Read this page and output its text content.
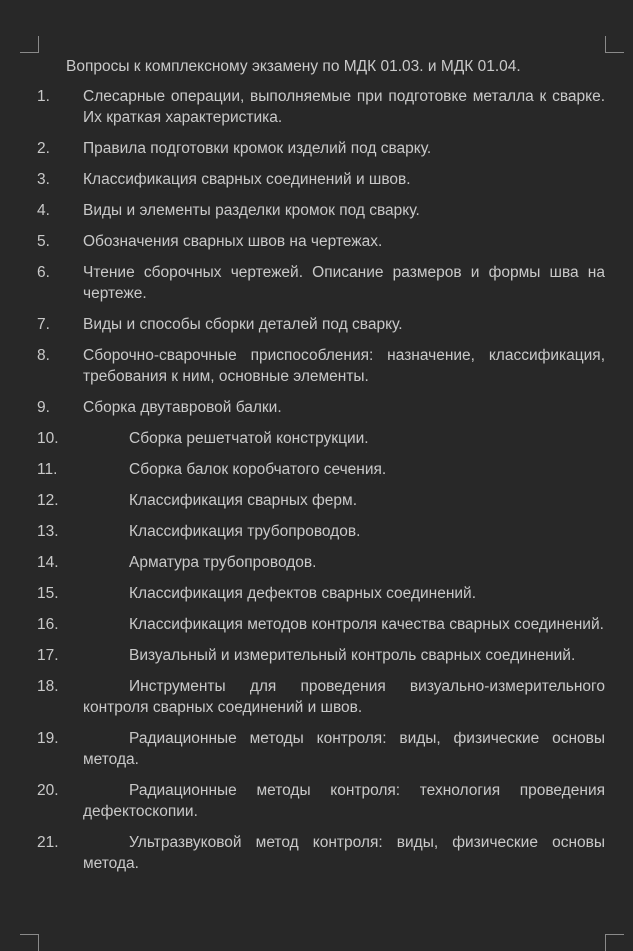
Вопросы к комплексному экзамену по МДК 01.03. и МДК 01.04.
1. Слесарные операции, выполняемые при подготовке металла к сварке. Их краткая характеристика.
2. Правила подготовки кромок изделий под сварку.
3. Классификация сварных соединений и швов.
4. Виды и элементы разделки кромок под сварку.
5. Обозначения сварных швов на чертежах.
6. Чтение сборочных чертежей. Описание размеров и формы шва на чертеже.
7. Виды и способы сборки деталей под сварку.
8. Сборочно-сварочные приспособления: назначение, классификация, требования к ним, основные элементы.
9. Сборка двутавровой балки.
10.	Сборка решетчатой конструкции.
11.	Сборка балок коробчатого сечения.
12.	Классификация сварных ферм.
13.	Классификация трубопроводов.
14.	Арматура трубопроводов.
15.	Классификация дефектов сварных соединений.
16.	Классификация методов контроля качества сварных соединений.
17.	Визуальный и измерительный контроль сварных соединений.
18.	Инструменты для проведения визуально-измерительного контроля сварных соединений и швов.
19.	Радиационные методы контроля: виды, физические основы метода.
20.	Радиационные методы контроля: технология проведения дефектоскопии.
21.	Ультразвуковой метод контроля: виды, физические основы метода.
